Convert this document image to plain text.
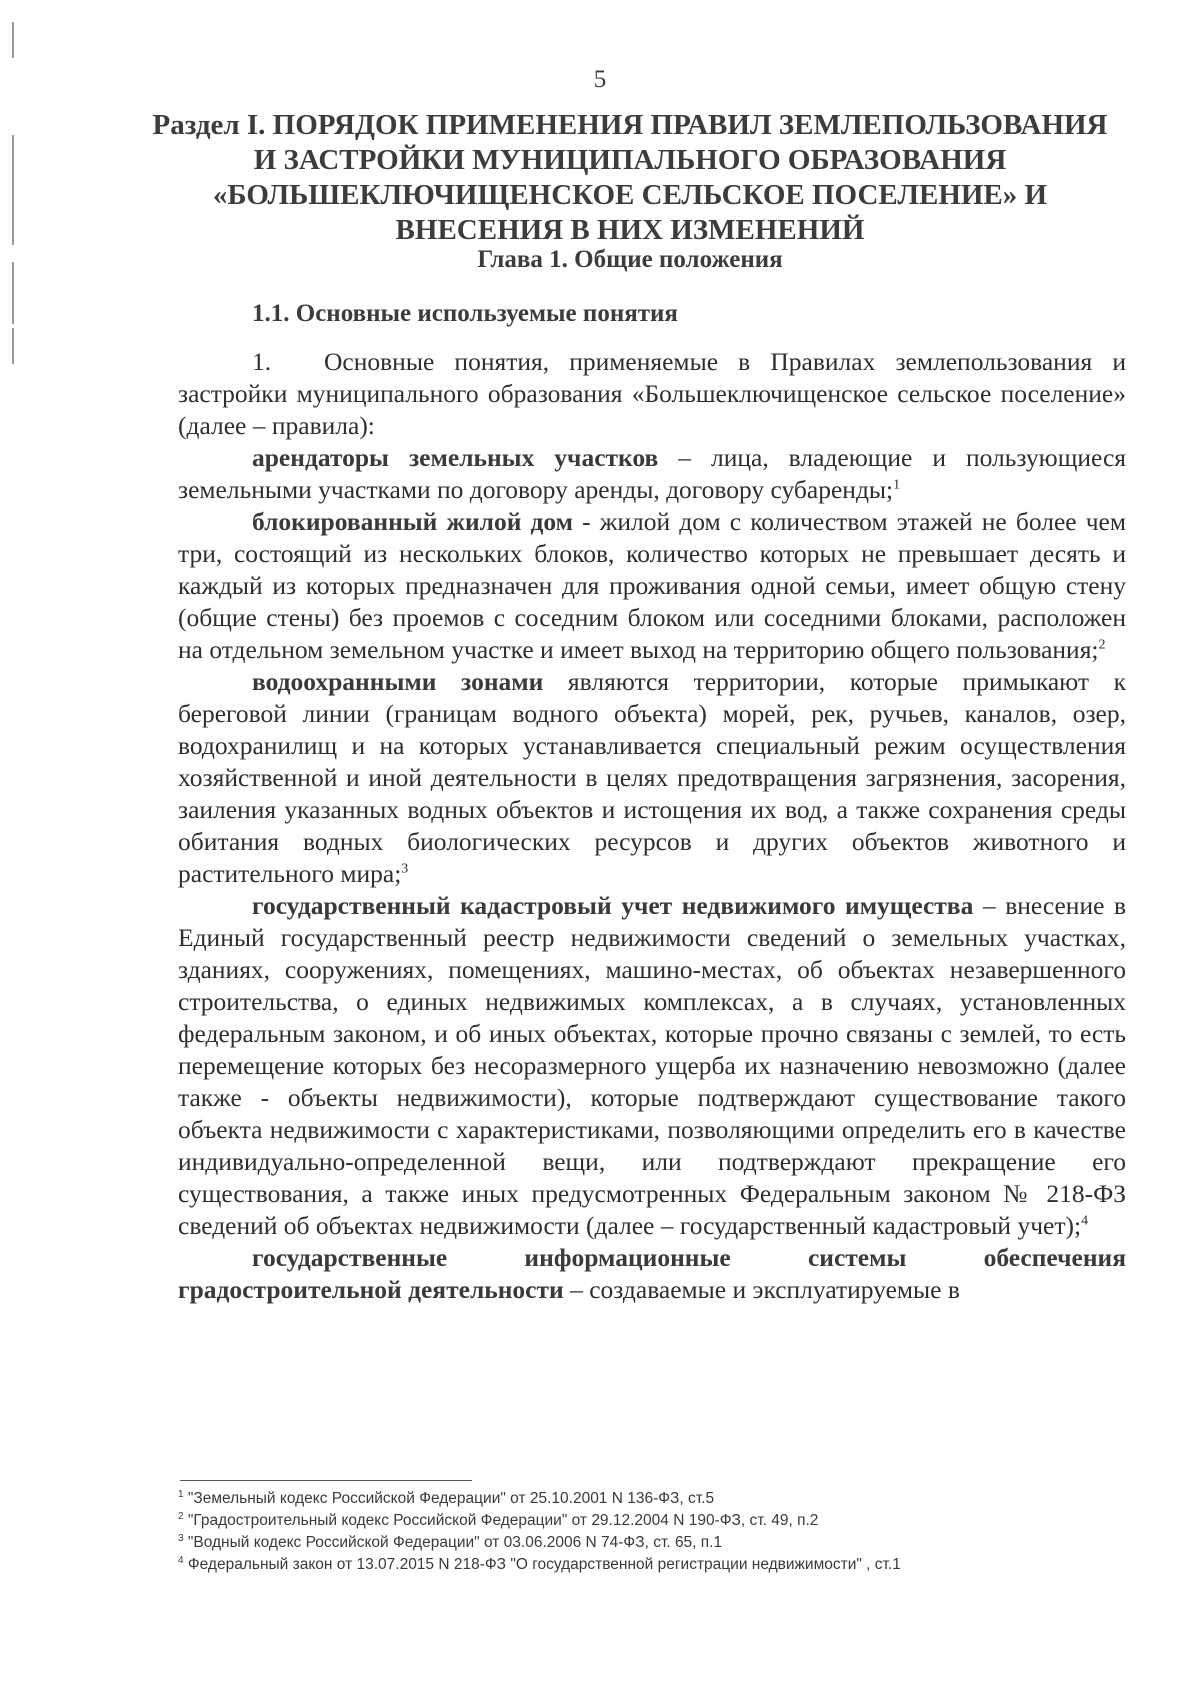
5
Раздел I. ПОРЯДОК ПРИМЕНЕНИЯ ПРАВИЛ ЗЕМЛЕПОЛЬЗОВАНИЯ И ЗАСТРОЙКИ МУНИЦИПАЛЬНОГО ОБРАЗОВАНИЯ «БОЛЬШЕКЛЮЧИЩЕНСКОЕ СЕЛЬСКОЕ ПОСЕЛЕНИЕ» И ВНЕСЕНИЯ В НИХ ИЗМЕНЕНИЙ
Глава 1. Общие положения
1.1. Основные используемые понятия

1. Основные понятия, применяемые в Правилах землепользования и застройки муниципального образования «Большеключищенское сельское поселение» (далее – правила):

арендаторы земельных участков – лица, владеющие и пользующиеся земельными участками по договору аренды, договору субаренды;$^1$

блокированный жилой дом - жилой дом с количеством этажей не более чем три, состоящий из нескольких блоков, количество которых не превышает десять и каждый из которых предназначен для проживания одной семьи, имеет общую стену (общие стены) без проемов с соседним блоком или соседними блоками, расположен на отдельном земельном участке и имеет выход на территорию общего пользования;$^2$

водоохранными зонами являются территории, которые примыкают к береговой линии (границам водного объекта) морей, рек, ручьев, каналов, озер, водохранилищ и на которых устанавливается специальный режим осуществления хозяйственной и иной деятельности в целях предотвращения загрязнения, засорения, заиления указанных водных объектов и истощения их вод, а также сохранения среды обитания водных биологических ресурсов и других объектов животного и растительного мира;$^3$

государственный кадастровый учет недвижимого имущества – внесение в Единый государственный реестр недвижимости сведений о земельных участках, зданиях, сооружениях, помещениях, машино-местах, об объектах незавершенного строительства, о единых недвижимых комплексах, а в случаях, установленных федеральным законом, и об иных объектах, которые прочно связаны с землей, то есть перемещение которых без несоразмерного ущерба их назначению невозможно (далее также - объекты недвижимости), которые подтверждают существование такого объекта недвижимости с характеристиками, позволяющими определить его в качестве индивидуально-определенной вещи, или подтверждают прекращение его существования, а также иных предусмотренных Федеральным законом № 218-ФЗ сведений об объектах недвижимости (далее – государственный кадастровый учет);$^4$

государственные информационные системы обеспечения градостроительной деятельности – создаваемые и эксплуатируемые в

$^1$ "Земельный кодекс Российской Федерации" от 25.10.2001 N 136-ФЗ, ст.5
$^2$ "Градостроительный кодекс Российской Федерации" от 29.12.2004 N 190-ФЗ, ст. 49, п.2
$^3$ "Водный кодекс Российской Федерации" от 03.06.2006 N 74-ФЗ, ст. 65, п.1
$^4$ Федеральный закон от 13.07.2015 N 218-ФЗ "О государственной регистрации недвижимости" , ст.1
